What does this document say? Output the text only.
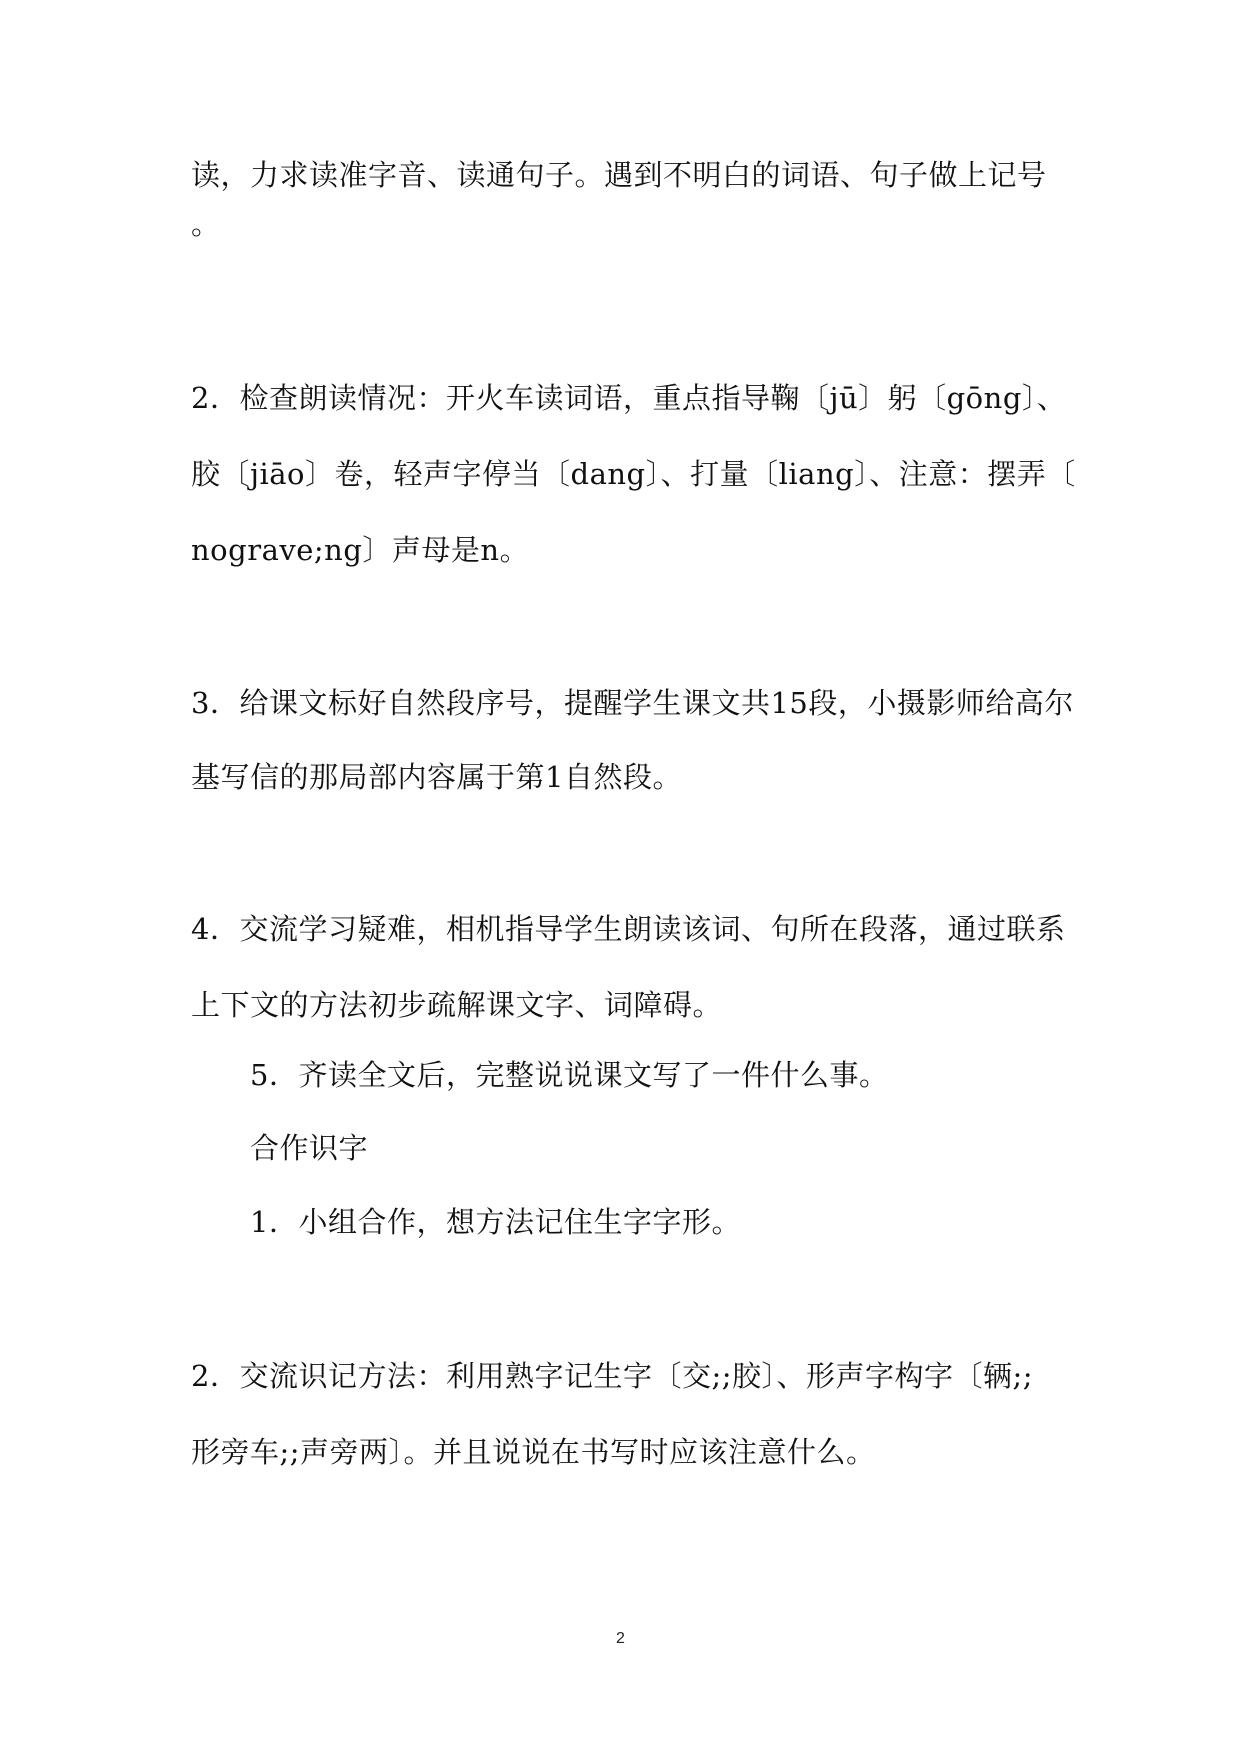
读，力求读准字音、读通句子。遇到不明白的词语、句子做上记号
。
2．检查朗读情况：开火车读词语，重点指导鞠〔jū〕躬〔gōng〕、
胶〔jiāo〕卷，轻声字停当〔dang〕、打量〔liang〕、注意：摆弄〔
nograve;ng〕声母是n。
3．给课文标好自然段序号，提醒学生课文共15段，小摄影师给高尔
基写信的那局部内容属于第1自然段。
4．交流学习疑难，相机指导学生朗读该词、句所在段落，通过联系
上下文的方法初步疏解课文字、词障碍。
5．齐读全文后，完整说说课文写了一件什么事。
合作识字
1．小组合作，想方法记住生字字形。
2．交流识记方法：利用熟字记生字〔交;;胶〕、形声字构字〔辆;;
形旁车;;声旁两〕。并且说说在书写时应该注意什么。
2
